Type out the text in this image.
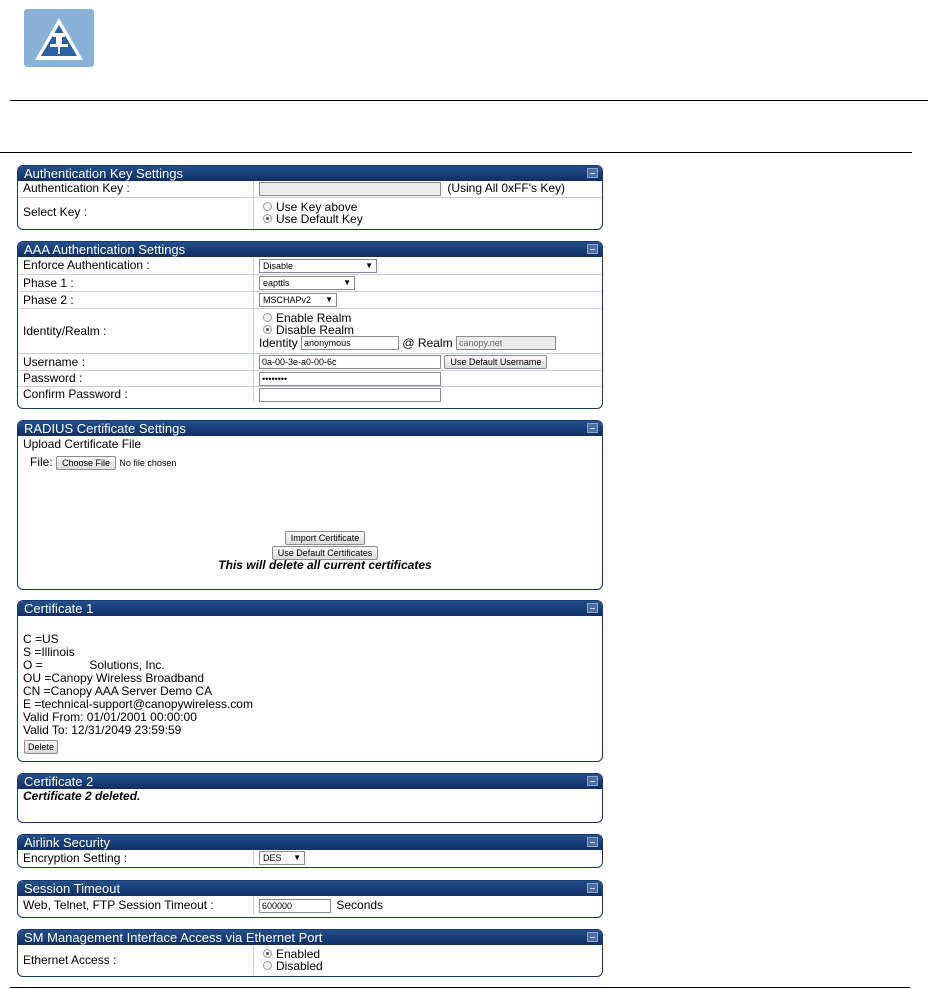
Authentication Key Settings
Authentication Key :	(Using All 0xFF's Key)
Select Key :	Use Key above
Use Default Key
AAA Authentication Settings
Enforce Authentication :	Disable ▼

Phase 1 :	eapttls ▼

Phase 2 :	MSCHAPv2 ▼

Identity/Realm :	Enable Realm
Disable Realm
Identity anonymous @ Realm canopy.net

Username :	0a-00-3e-a0-00-6c Use Default Username
Password :	••••••••
Confirm Password :	
RADIUS Certificate Settings
Upload Certificate File
File: Choose File No file chosen
Import Certificate
Use Default Certificates
This will delete all current certificates
Certificate 1
C =US
S =Illinois
O =              Solutions, Inc.
OU =Canopy Wireless Broadband
CN =Canopy AAA Server Demo CA
E =technical-support@canopywireless.com
Valid From: 01/01/2001 00:00:00
Valid To: 12/31/2049 23:59:59
Delete
Certificate 2
Certificate 2 deleted.
Airlink Security
Encryption Setting :	DES ▼
Session Timeout
Web, Telnet, FTP Session Timeout :	600000	Seconds
SM Management Interface Access via Ethernet Port
Ethernet Access :	Enabled
Disabled
